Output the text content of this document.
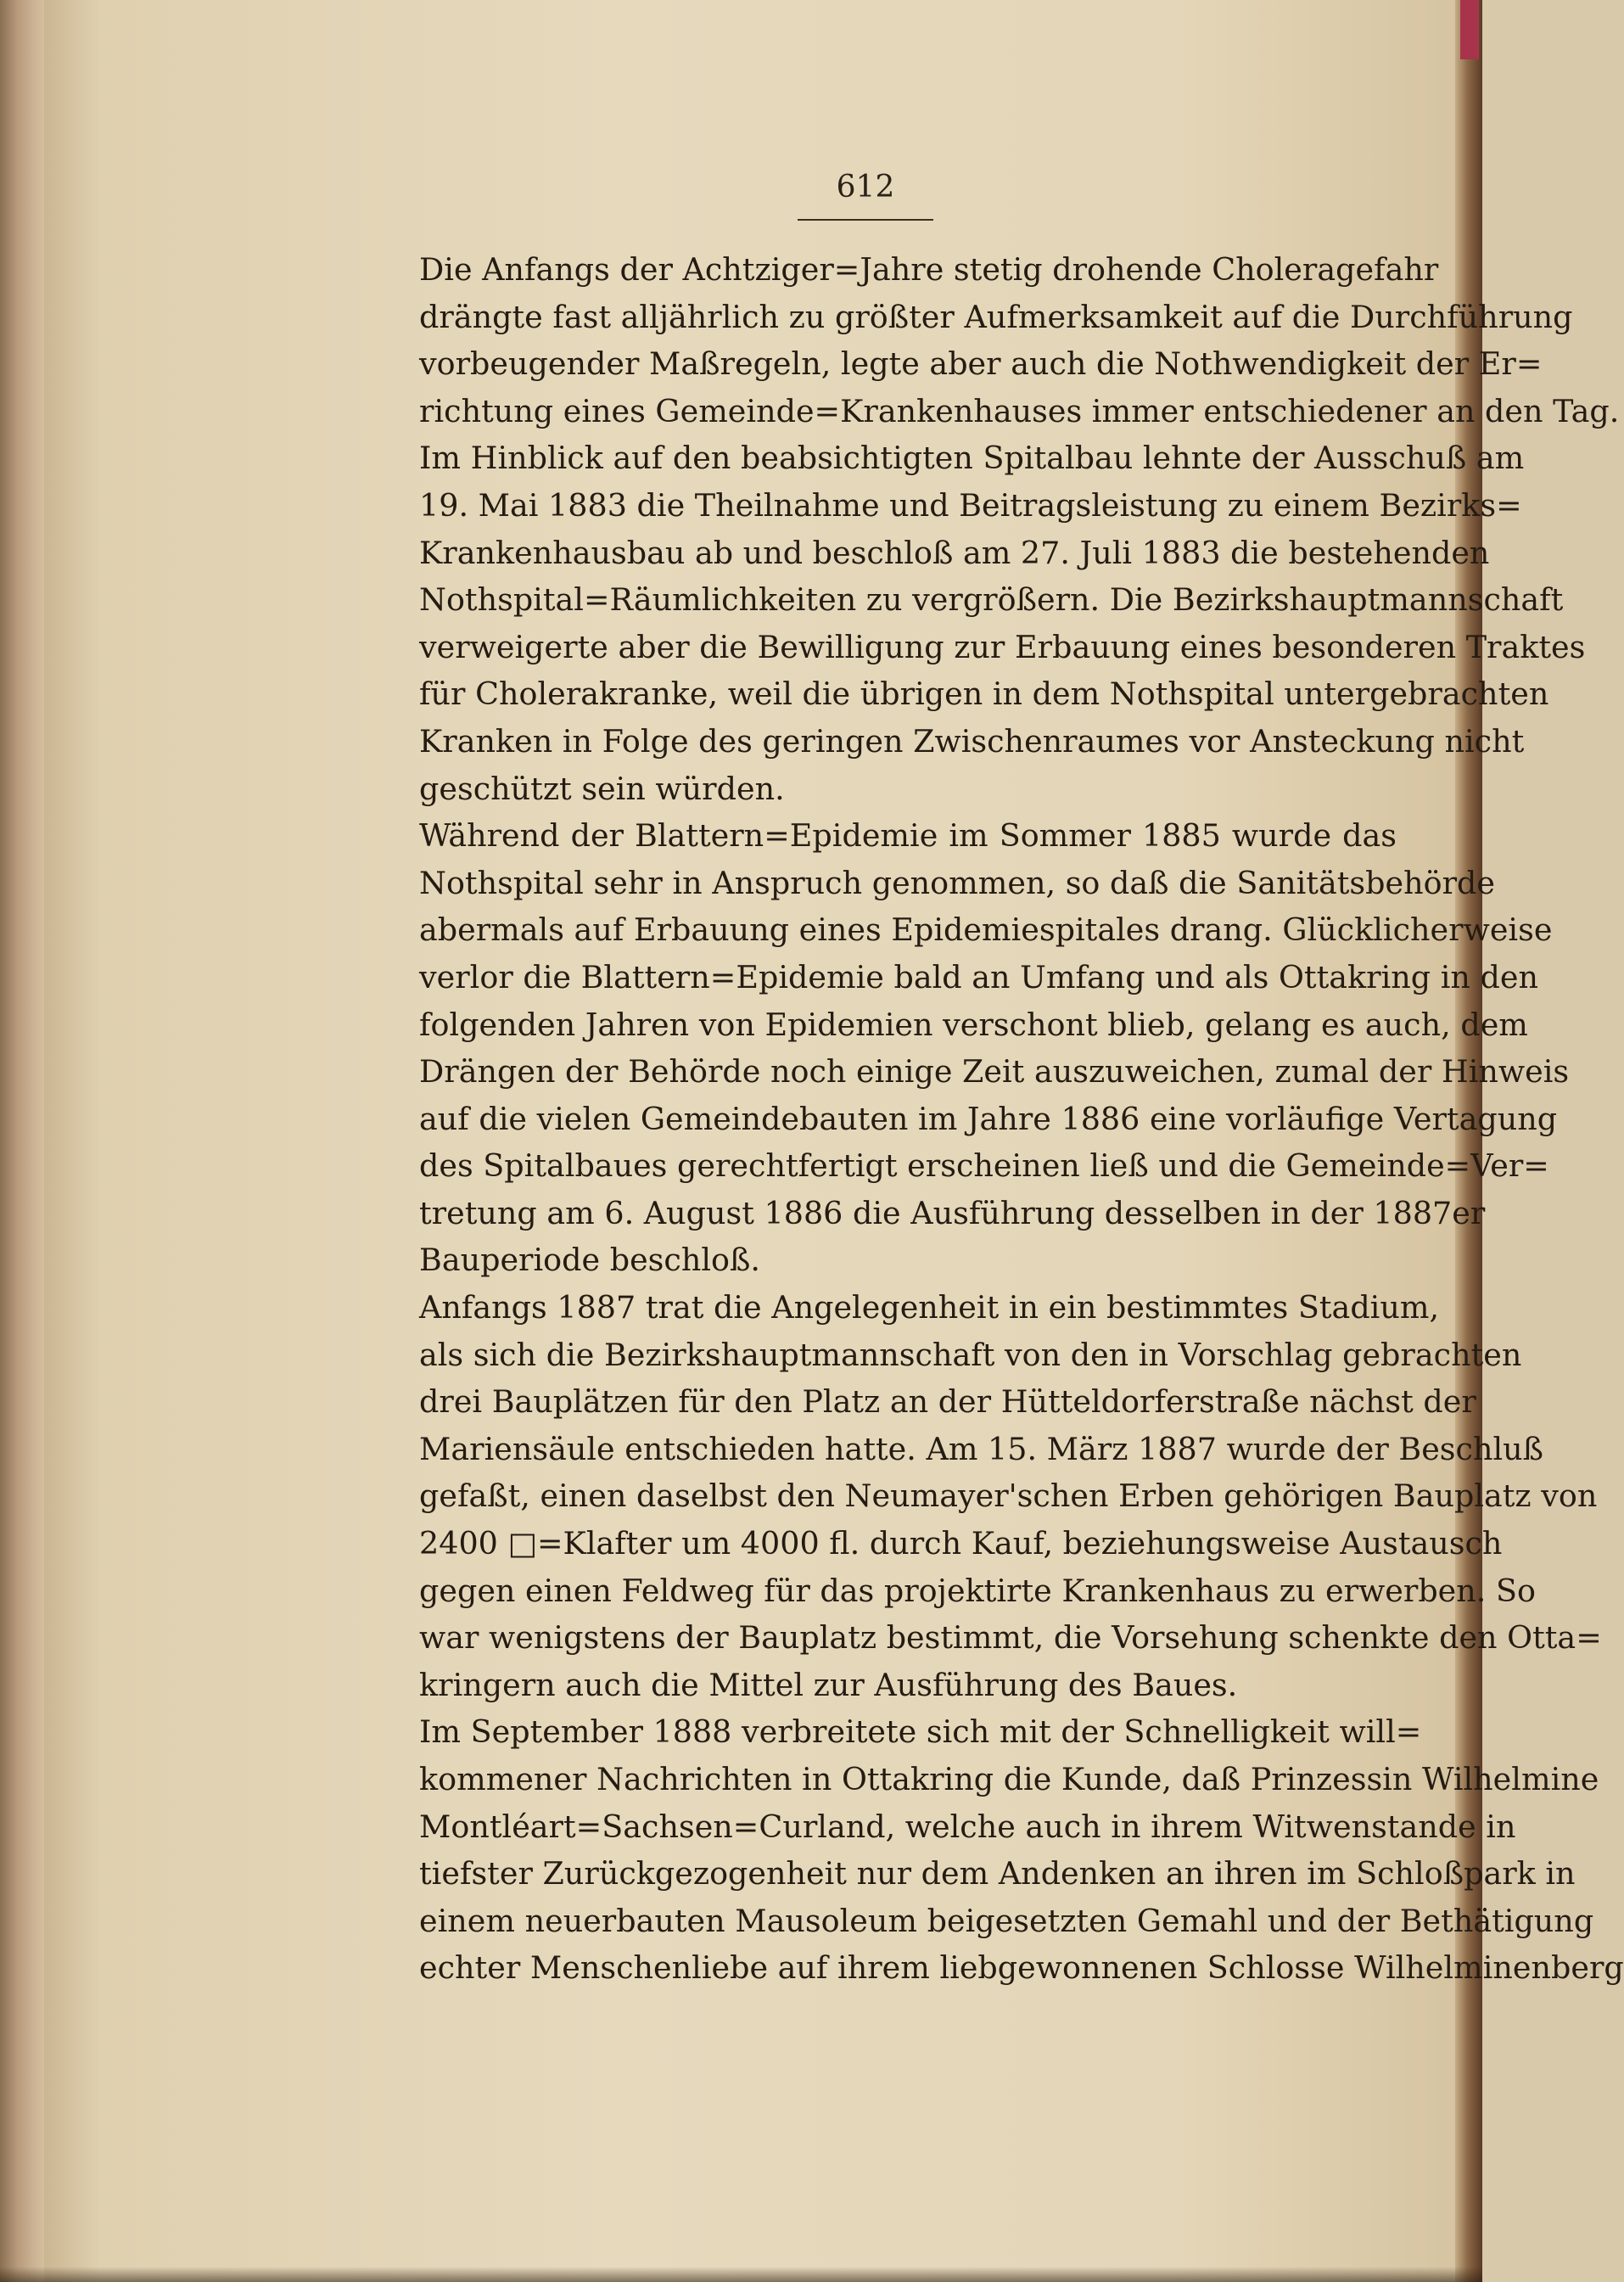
612

Die Anfangs der Achtziger=Jahre stetig drohende Choleragefahr
drängte fast alljährlich zu größter Aufmerksamkeit auf die Durchführung
vorbeugender Maßregeln, legte aber auch die Nothwendigkeit der Er=
richtung eines Gemeinde=Krankenhauses immer entschiedener an den Tag.
Im Hinblick auf den beabsichtigten Spitalbau lehnte der Ausschuß am
19. Mai 1883 die Theilnahme und Beitragsleistung zu einem Bezirks=
Krankenhausbau ab und beschloß am 27. Juli 1883 die bestehenden
Nothspital=Räumlichkeiten zu vergrößern. Die Bezirkshauptmannschaft
verweigerte aber die Bewilligung zur Erbauung eines besonderen Traktes
für Cholerakranke, weil die übrigen in dem Nothspital untergebrachten
Kranken in Folge des geringen Zwischenraumes vor Ansteckung nicht
geschützt sein würden.

Während der Blattern=Epidemie im Sommer 1885 wurde das
Nothspital sehr in Anspruch genommen, so daß die Sanitätsbehörde
abermals auf Erbauung eines Epidemiespitales drang. Glücklicherweise
verlor die Blattern=Epidemie bald an Umfang und als Ottakring in den
folgenden Jahren von Epidemien verschont blieb, gelang es auch, dem
Drängen der Behörde noch einige Zeit auszuweichen, zumal der Hinweis
auf die vielen Gemeindebauten im Jahre 1886 eine vorläufige Vertagung
des Spitalbaues gerechtfertigt erscheinen ließ und die Gemeinde=Ver=
tretung am 6. August 1886 die Ausführung desselben in der 1887er
Bauperiode beschloß.

Anfangs 1887 trat die Angelegenheit in ein bestimmtes Stadium,
als sich die Bezirkshauptmannschaft von den in Vorschlag gebrachten
drei Bauplätzen für den Platz an der Hütteldorferstraße nächst der
Mariensäule entschieden hatte. Am 15. März 1887 wurde der Beschluß
gefaßt, einen daselbst den Neumayer'schen Erben gehörigen Bauplatz von
2400 □=Klafter um 4000 fl. durch Kauf, beziehungsweise Austausch
gegen einen Feldweg für das projektirte Krankenhaus zu erwerben. So
war wenigstens der Bauplatz bestimmt, die Vorsehung schenkte den Otta=
kringern auch die Mittel zur Ausführung des Baues.

Im September 1888 verbreitete sich mit der Schnelligkeit will=
kommener Nachrichten in Ottakring die Kunde, daß Prinzessin Wilhelmine
Montléart=Sachsen=Curland, welche auch in ihrem Witwenstande in
tiefster Zurückgezogenheit nur dem Andenken an ihren im Schloßpark in
einem neuerbauten Mausoleum beigesetzten Gemahl und der Bethätigung
echter Menschenliebe auf ihrem liebgewonnenen Schlosse Wilhelminenberg
